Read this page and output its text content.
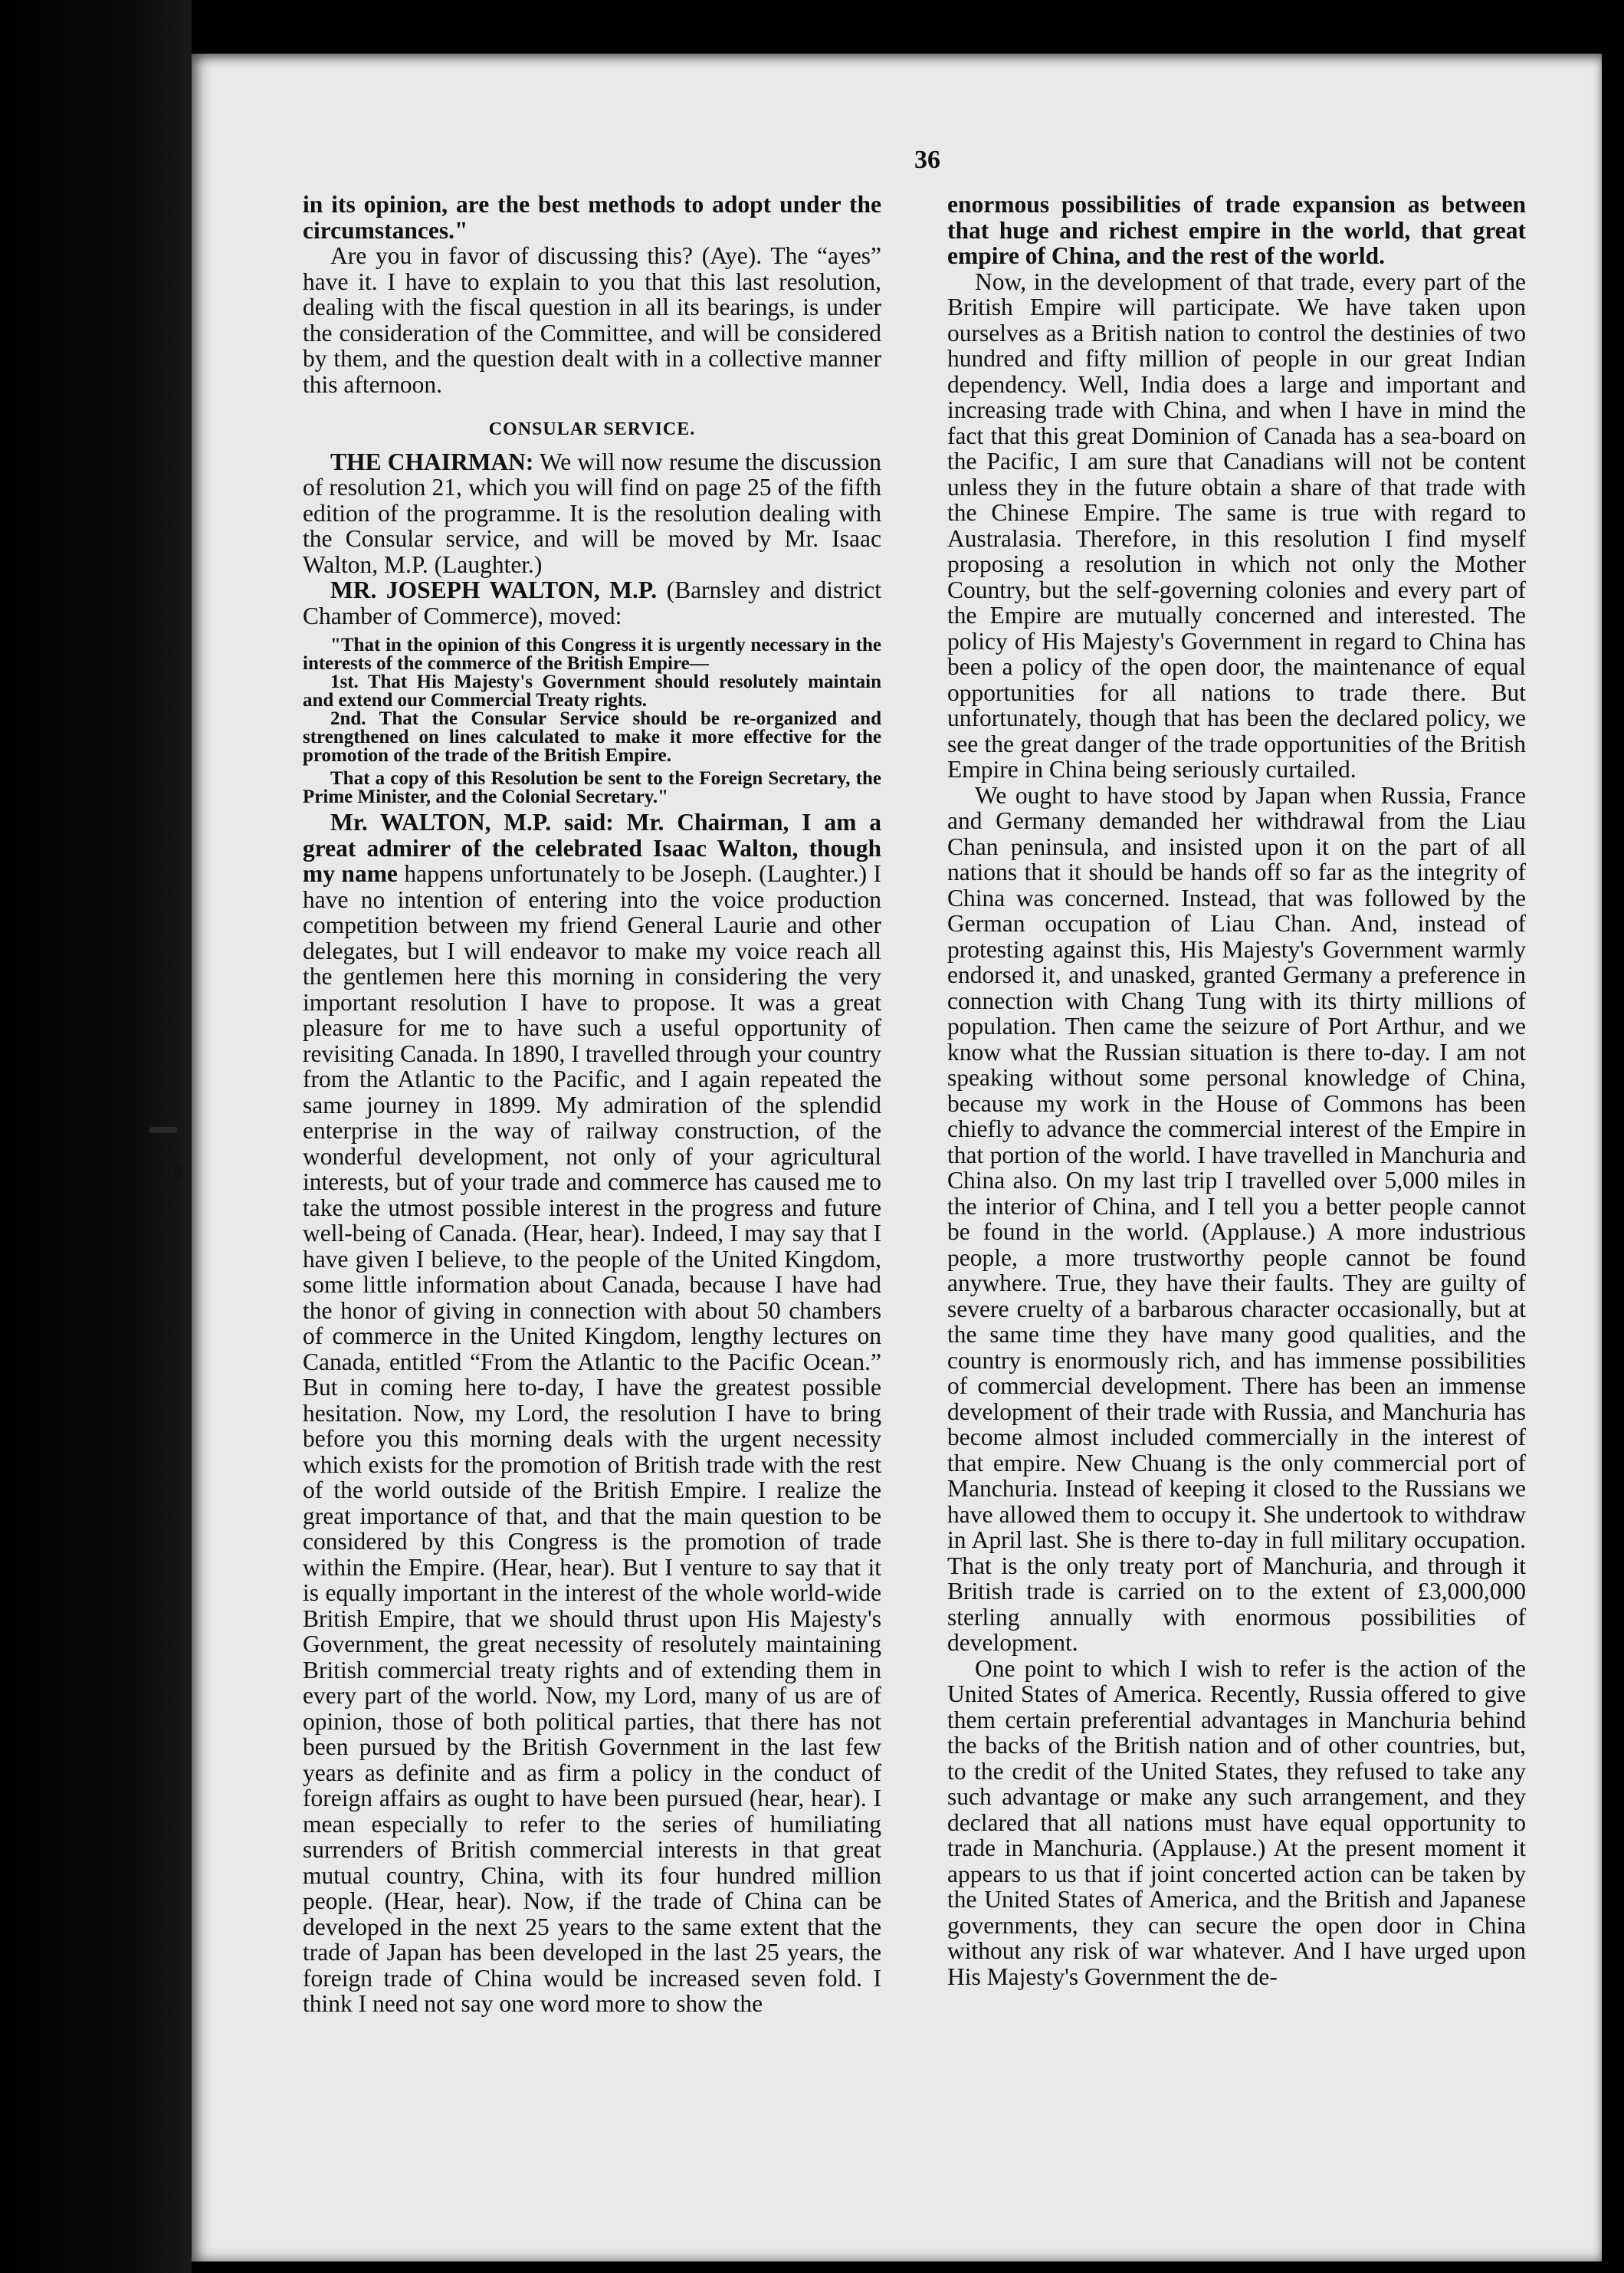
36

in its opinion, are the best methods to adopt under the circumstances."

Are you in favor of discussing this? (Aye). The “ayes” have it. I have to explain to you that this last resolution, dealing with the fiscal question in all its bearings, is under the consideration of the Committee, and will be considered by them, and the question dealt with in a collective manner this afternoon.

CONSULAR SERVICE.

THE CHAIRMAN: We will now resume the discussion of resolution 21, which you will find on page 25 of the fifth edition of the programme. It is the resolution dealing with the Consular service, and will be moved by Mr. Isaac Walton, M.P. (Laughter.)

MR. JOSEPH WALTON, M.P. (Barnsley and district Chamber of Commerce), moved:

"That in the opinion of this Congress it is urgently necessary in the interests of the commerce of the British Empire—

1st. That His Majesty's Government should resolutely maintain and extend our Commercial Treaty rights.

2nd. That the Consular Service should be re-organized and strengthened on lines calculated to make it more effective for the promotion of the trade of the British Empire.

That a copy of this Resolution be sent to the Foreign Secretary, the Prime Minister, and the Colonial Secretary."

Mr. WALTON, M.P. said: Mr. Chairman, I am a great admirer of the celebrated Isaac Walton, though my name happens unfortunately to be Joseph. (Laughter.) I have no intention of entering into the voice production competition between my friend General Laurie and other delegates, but I will endeavor to make my voice reach all the gentlemen here this morning in considering the very important resolution I have to propose. It was a great pleasure for me to have such a useful opportunity of revisiting Canada. In 1890, I travelled through your country from the Atlantic to the Pacific, and I again repeated the same journey in 1899. My admiration of the splendid enterprise in the way of railway construction, of the wonderful development, not only of your agricultural interests, but of your trade and commerce has caused me to take the utmost possible interest in the progress and future well-being of Canada. (Hear, hear). Indeed, I may say that I have given I believe, to the people of the United Kingdom, some little information about Canada, because I have had the honor of giving in connection with about 50 chambers of commerce in the United Kingdom, lengthy lectures on Canada, entitled “From the Atlantic to the Pacific Ocean.” But in coming here to-day, I have the greatest possible hesitation. Now, my Lord, the resolution I have to bring before you this morning deals with the urgent necessity which exists for the promotion of British trade with the rest of the world outside of the British Empire. I realize the great importance of that, and that the main question to be considered by this Congress is the promotion of trade within the Empire. (Hear, hear). But I venture to say that it is equally important in the interest of the whole world-wide British Empire, that we should thrust upon His Majesty's Government, the great necessity of resolutely maintaining British commercial treaty rights and of extending them in every part of the world. Now, my Lord, many of us are of opinion, those of both political parties, that there has not been pursued by the British Government in the last few years as definite and as firm a policy in the conduct of foreign affairs as ought to have been pursued (hear, hear). I mean especially to refer to the series of humiliating surrenders of British commercial interests in that great mutual country, China, with its four hundred million people. (Hear, hear). Now, if the trade of China can be developed in the next 25 years to the same extent that the trade of Japan has been developed in the last 25 years, the foreign trade of China would be increased seven fold. I think I need not say one word more to show the

enormous possibilities of trade expansion as between that huge and richest empire in the world, that great empire of China, and the rest of the world.

Now, in the development of that trade, every part of the British Empire will participate. We have taken upon ourselves as a British nation to control the destinies of two hundred and fifty million of people in our great Indian dependency. Well, India does a large and important and increasing trade with China, and when I have in mind the fact that this great Dominion of Canada has a sea-board on the Pacific, I am sure that Canadians will not be content unless they in the future obtain a share of that trade with the Chinese Empire. The same is true with regard to Australasia. Therefore, in this resolution I find myself proposing a resolution in which not only the Mother Country, but the self-governing colonies and every part of the Empire are mutually concerned and interested. The policy of His Majesty's Government in regard to China has been a policy of the open door, the maintenance of equal opportunities for all nations to trade there. But unfortunately, though that has been the declared policy, we see the great danger of the trade opportunities of the British Empire in China being seriously curtailed.

We ought to have stood by Japan when Russia, France and Germany demanded her withdrawal from the Liau Chan peninsula, and insisted upon it on the part of all nations that it should be hands off so far as the integrity of China was concerned. Instead, that was followed by the German occupation of Liau Chan. And, instead of protesting against this, His Majesty's Government warmly endorsed it, and unasked, granted Germany a preference in connection with Chang Tung with its thirty millions of population. Then came the seizure of Port Arthur, and we know what the Russian situation is there to-day. I am not speaking without some personal knowledge of China, because my work in the House of Commons has been chiefly to advance the commercial interest of the Empire in that portion of the world. I have travelled in Manchuria and China also. On my last trip I travelled over 5,000 miles in the interior of China, and I tell you a better people cannot be found in the world. (Applause.) A more industrious people, a more trustworthy people cannot be found anywhere. True, they have their faults. They are guilty of severe cruelty of a barbarous character occasionally, but at the same time they have many good qualities, and the country is enormously rich, and has immense possibilities of commercial development. There has been an immense development of their trade with Russia, and Manchuria has become almost included commercially in the interest of that empire. New Chuang is the only commercial port of Manchuria. Instead of keeping it closed to the Russians we have allowed them to occupy it. She undertook to withdraw in April last. She is there to-day in full military occupation. That is the only treaty port of Manchuria, and through it British trade is carried on to the extent of £3,000,000 sterling annually with enormous possibilities of development.

One point to which I wish to refer is the action of the United States of America. Recently, Russia offered to give them certain preferential advantages in Manchuria behind the backs of the British nation and of other countries, but, to the credit of the United States, they refused to take any such advantage or make any such arrangement, and they declared that all nations must have equal opportunity to trade in Manchuria. (Applause.) At the present moment it appears to us that if joint concerted action can be taken by the United States of America, and the British and Japanese governments, they can secure the open door in China without any risk of war whatever. And I have urged upon His Majesty's Government the de-
